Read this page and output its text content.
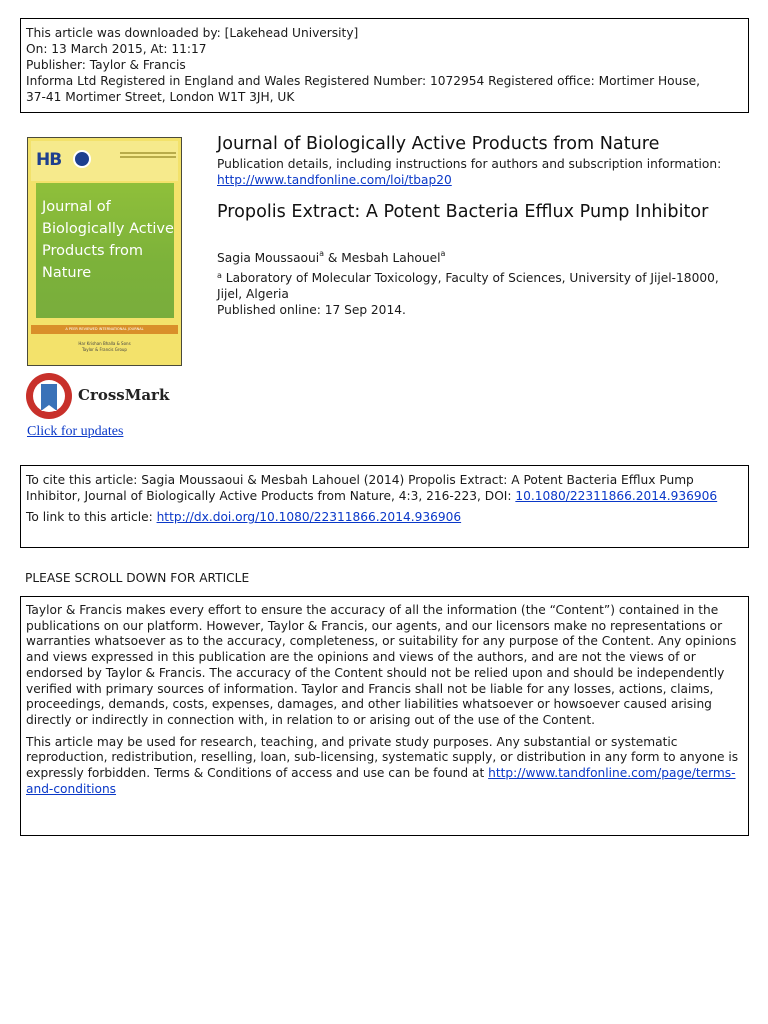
This article was downloaded by: [Lakehead University]
On: 13 March 2015, At: 11:17
Publisher: Taylor & Francis
Informa Ltd Registered in England and Wales Registered Number: 1072954 Registered office: Mortimer House,
37-41 Mortimer Street, London W1T 3JH, UK
HB
Journal of
Biologically Active
Products from
Nature
A PEER REVIEWED INTERNATIONAL JOURNAL
Har Krishan Bhalla & Sons
Taylor & Francis Group
Journal of Biologically Active Products from Nature
Publication details, including instructions for authors and subscription information:
http://www.tandfonline.com/loi/tbap20
Propolis Extract: A Potent Bacteria Efflux Pump Inhibitor
Sagia Moussaoui$^a$ & Mesbah Lahouel$^a$
$^a$ Laboratory of Molecular Toxicology, Faculty of Sciences, University of Jijel-18000, Jijel, Algeria
Published online: 17 Sep 2014.
CrossMark
Click for updates
To cite this article: Sagia Moussaoui & Mesbah Lahouel (2014) Propolis Extract: A Potent Bacteria Efflux Pump Inhibitor, Journal of Biologically Active Products from Nature, 4:3, 216-223, DOI: 10.1080/22311866.2014.936906
To link to this article: http://dx.doi.org/10.1080/22311866.2014.936906
PLEASE SCROLL DOWN FOR ARTICLE

Taylor & Francis makes every effort to ensure the accuracy of all the information (the “Content”) contained in the publications on our platform. However, Taylor & Francis, our agents, and our licensors make no representations or warranties whatsoever as to the accuracy, completeness, or suitability for any purpose of the Content. Any opinions and views expressed in this publication are the opinions and views of the authors, and are not the views of or endorsed by Taylor & Francis. The accuracy of the Content should not be relied upon and should be independently verified with primary sources of information. Taylor and Francis shall not be liable for any losses, actions, claims, proceedings, demands, costs, expenses, damages, and other liabilities whatsoever or howsoever caused arising directly or indirectly in connection with, in relation to or arising out of the use of the Content.

This article may be used for research, teaching, and private study purposes. Any substantial or systematic reproduction, redistribution, reselling, loan, sub-licensing, systematic supply, or distribution in any form to anyone is expressly forbidden. Terms & Conditions of access and use can be found at http://www.tandfonline.com/page/terms-and-conditions
